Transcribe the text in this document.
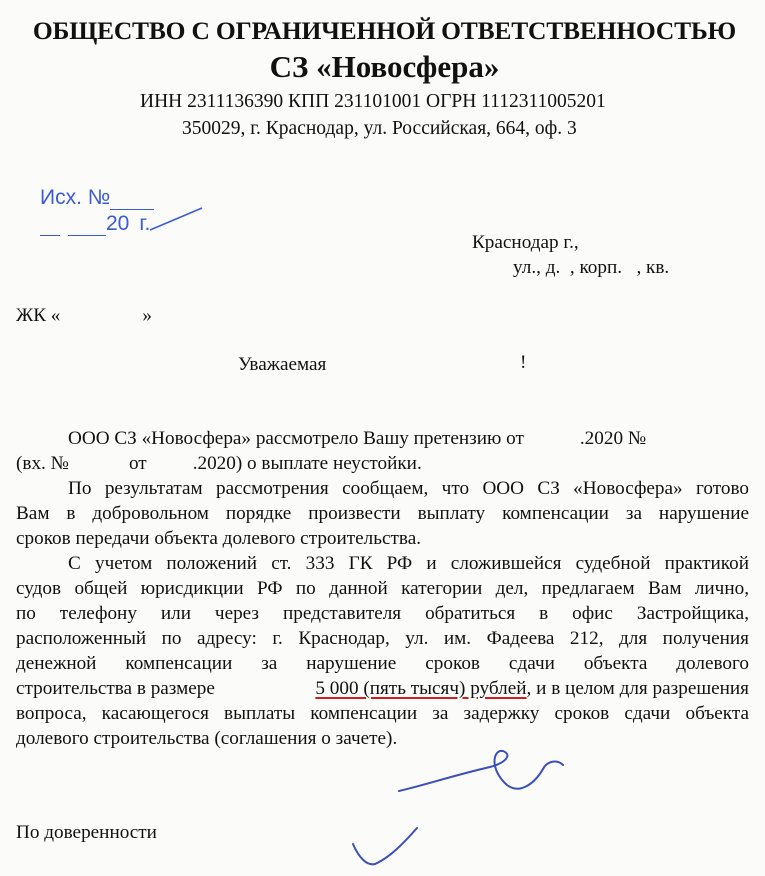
ОБЩЕСТВО С ОГРАНИЧЕННОЙ ОТВЕТСТВЕННОСТЬЮ
СЗ «Новосфера»
ИНН 2311136390 КПП 231101001 ОГРН 1112311005201
350029, г. Краснодар, ул. Российская, 664, оф. 3
Исх. №
20 г.
Краснодар г.,
ул., д.  , корп.   , кв.
ЖК «	»
Уважаемая	!
ООО СЗ «Новосфера» рассмотрело Вашу претензию от	.2020 №
(вх. №	от .2020) о выплате неустойки.
По результатам рассмотрения сообщаем, что ООО СЗ «Новосфера» готово
Вам в добровольном порядке произвести выплату компенсации за нарушение
сроков передачи объекта долевого строительства.
С учетом положений ст. 333 ГК РФ и сложившейся судебной практикой
судов общей юрисдикции РФ по данной категории дел, предлагаем Вам лично,
по телефону или через представителя обратиться в офис Застройщика,
расположенный по адресу: г. Краснодар, ул. им. Фадеева 212, для получения
денежной компенсации за нарушение сроков сдачи объекта долевого
строительства в размере	5 000 (пять тысяч) рублей, и в целом для разрешения
вопроса, касающегося выплаты компенсации за задержку сроков сдачи объекта
долевого строительства (соглашения о зачете).
По доверенности
